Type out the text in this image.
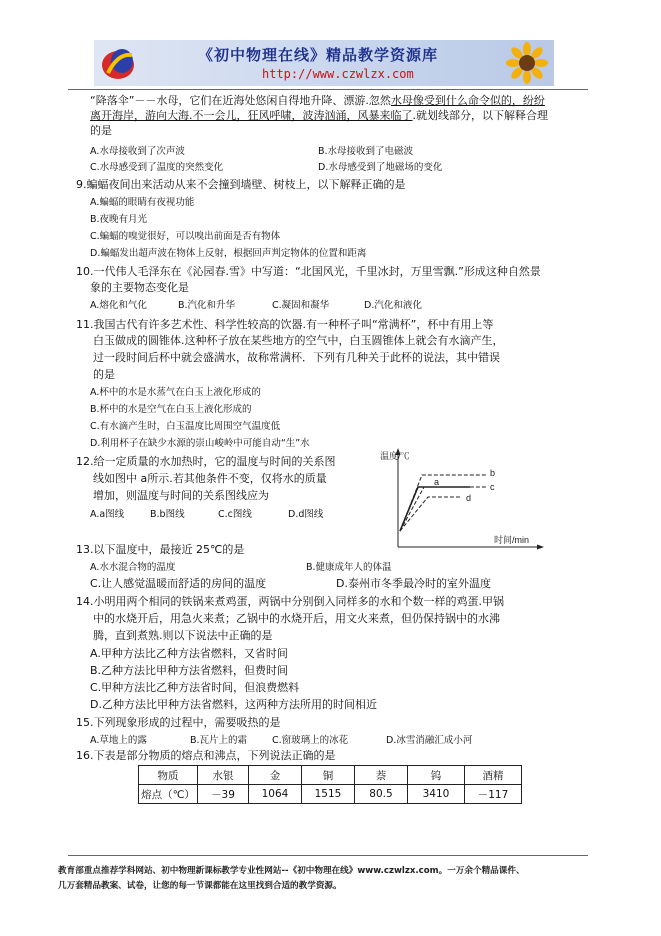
《初中物理在线》精品教学资源库
http://www.czwlzx.com
“降落伞”－－水母，它们在近海处悠闲自得地升降、漂游.忽然水母像受到什么命令似的，纷纷
离开海岸，游向大海.不一会儿，狂风呼啸，波涛汹涌，风暴来临了.就划线部分，以下解释合理
的是
A.水母接收到了次声波	B.水母接收到了电磁波
C.水母感受到了温度的突然变化	D.水母感受到了地磁场的变化
9.蝙蝠夜间出来活动从来不会撞到墙壁、树枝上，以下解释正确的是
A.蝙蝠的眼睛有夜视功能
B.夜晚有月光
C.蝙蝠的嗅觉很好，可以嗅出前面是否有物体
D.蝙蝠发出超声波在物体上反射，根据回声判定物体的位置和距离
10.一代伟人毛泽东在《沁园春.雪》中写道：“北国风光，千里冰封，万里雪飘.”形成这种自然景
象的主要物态变化是
A.熔化和气化	B.汽化和升华	C.凝固和凝华	D.汽化和液化
11.我国古代有许多艺术性、科学性较高的饮器.有一种杯子叫“常满杯”，杯中有用上等
白玉做成的圆锥体.这种杯子放在某些地方的空气中，白玉圆锥体上就会有水滴产生，
过一段时间后杯中就会盛满水，故称常满杯．下列有几种关于此杯的说法，其中错误
的是
A.杯中的水是水蒸气在白玉上液化形成的
B.杯中的水是空气在白玉上液化形成的
C.有水滴产生时，白玉温度比周围空气温度低
D.利用杯子在缺少水源的崇山峻岭中可能自动“生”水
12.给一定质量的水加热时，它的温度与时间的关系图
线如图中 a所示.若其他条件不变，仅将水的质量
增加，则温度与时间的关系图线应为
A.a图线	B.b图线	C.c图线	D.d图线
温度/℃
时间/min
a
b
c
d
13.以下温度中，最接近 25℃的是
A.水水混合物的温度	B.健康成年人的体温
C.让人感觉温暖而舒适的房间的温度	D.泰州市冬季最冷时的室外温度
14.小明用两个相同的铁锅来煮鸡蛋，两锅中分别倒入同样多的水和个数一样的鸡蛋.甲锅
中的水烧开后，用急火来煮；乙锅中的水烧开后，用文火来煮，但仍保持锅中的水沸
腾，直到煮熟.则以下说法中正确的是
A.甲种方法比乙种方法省燃料，又省时间
B.乙种方法比甲种方法省燃料，但费时间
C.甲种方法比乙种方法省时间，但浪费燃料
D.乙种方法比甲种方法省燃料，这两种方法所用的时间相近
15.下列现象形成的过程中，需要吸热的是
A.草地上的露	B.瓦片上的霜	C.窗玻璃上的冰花	D.冰雪消融汇成小河
16.下表是部分物质的熔点和沸点，下列说法正确的是
物质	水银	金	铜	萘	钨	酒精
熔点（℃）	－39	1064	1515	80.5	3410	－117
教育部重点推荐学科网站、初中物理新课标教学专业性网站--《初中物理在线》www.czwlzx.com。一万余个精品课件、
几万套精品教案、试卷，让您的每一节课都能在这里找到合适的教学资源。
